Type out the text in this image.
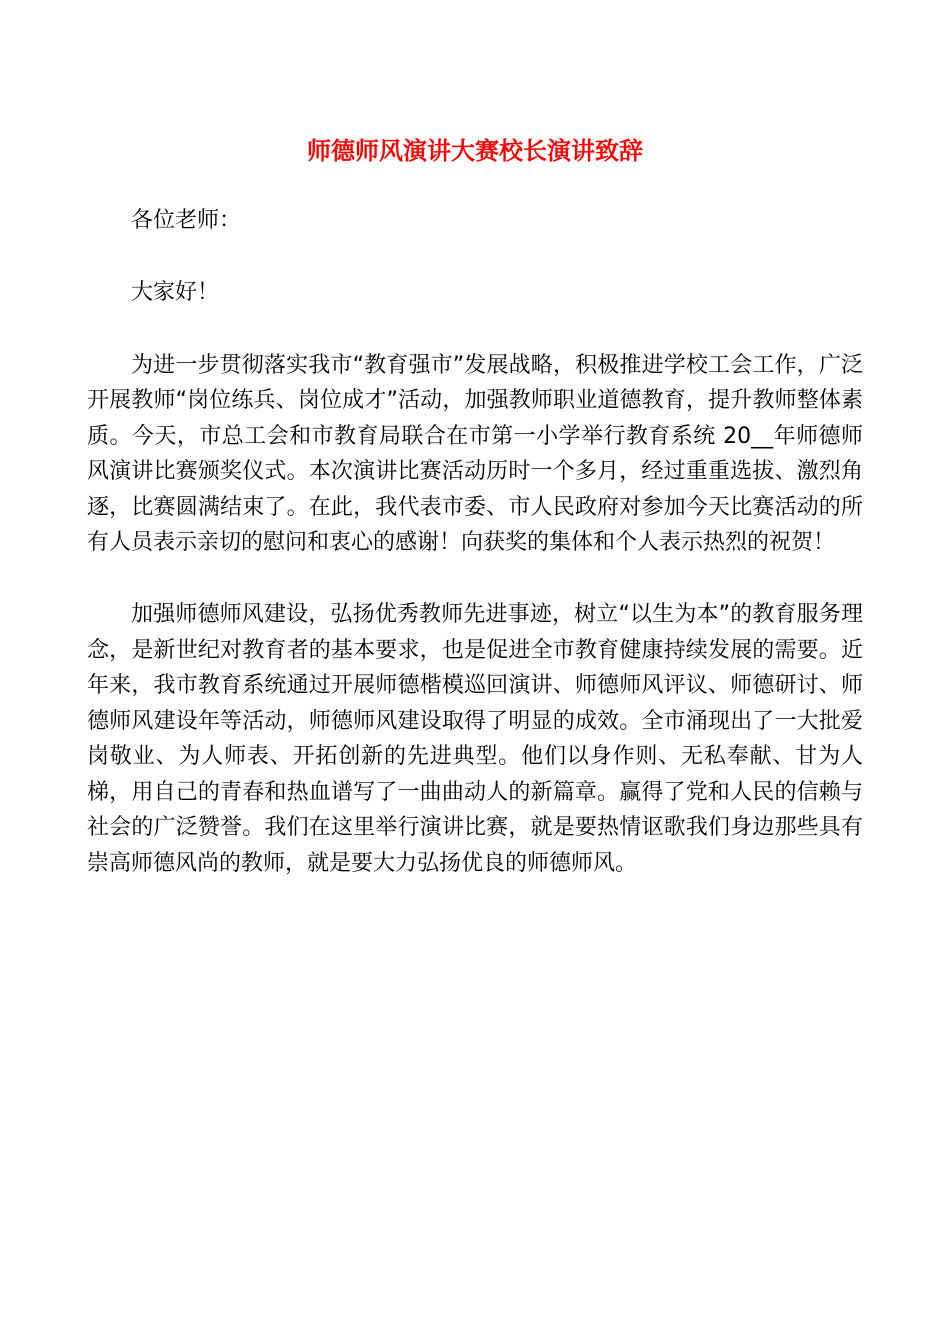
师德师风演讲大赛校长演讲致辞

各位老师：

大家好！

为进一步贯彻落实我市“教育强市”发展战略，积极推进学校工会工作，广泛开展教师“岗位练兵、岗位成才”活动，加强教师职业道德教育，提升教师整体素质。今天，市总工会和市教育局联合在市第一小学举行教育系统 20__年师德师风演讲比赛颁奖仪式。本次演讲比赛活动历时一个多月，经过重重选拔、激烈角逐，比赛圆满结束了。在此，我代表市委、市人民政府对参加今天比赛活动的所有人员表示亲切的慰问和衷心的感谢！向获奖的集体和个人表示热烈的祝贺！

加强师德师风建设，弘扬优秀教师先进事迹，树立“以生为本”的教育服务理念，是新世纪对教育者的基本要求，也是促进全市教育健康持续发展的需要。近年来，我市教育系统通过开展师德楷模巡回演讲、师德师风评议、师德研讨、师德师风建设年等活动，师德师风建设取得了明显的成效。全市涌现出了一大批爱岗敬业、为人师表、开拓创新的先进典型。他们以身作则、无私奉献、甘为人梯，用自己的青春和热血谱写了一曲曲动人的新篇章。赢得了党和人民的信赖与社会的广泛赞誉。我们在这里举行演讲比赛，就是要热情讴歌我们身边那些具有崇高师德风尚的教师，就是要大力弘扬优良的师德师风。
